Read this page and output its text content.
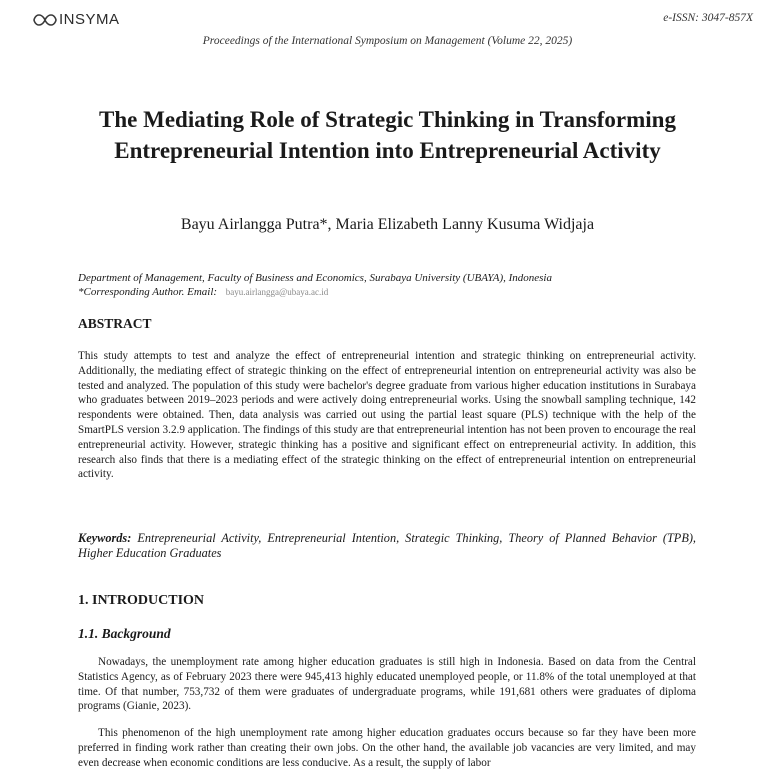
INSYMA	e-ISSN: 3047-857X
Proceedings of the International Symposium on Management (Volume 22, 2025)
The Mediating Role of Strategic Thinking in Transforming Entrepreneurial Intention into Entrepreneurial Activity
Bayu Airlangga Putra*, Maria Elizabeth Lanny Kusuma Widjaja
Department of Management, Faculty of Business and Economics, Surabaya University (UBAYA), Indonesia
*Corresponding Author. Email: bayu.airlangga@ubaya.ac.id
ABSTRACT

This study attempts to test and analyze the effect of entrepreneurial intention and strategic thinking on entrepreneurial activity. Additionally, the mediating effect of strategic thinking on the effect of entrepreneurial intention on entrepreneurial activity was also be tested and analyzed. The population of this study were bachelor's degree graduate from various higher education institutions in Surabaya who graduates between 2019–2023 periods and were actively doing entrepreneurial works. Using the snowball sampling technique, 142 respondents were obtained. Then, data analysis was carried out using the partial least square (PLS) technique with the help of the SmartPLS version 3.2.9 application. The findings of this study are that entrepreneurial intention has not been proven to encourage the real entrepreneurial activity. However, strategic thinking has a positive and significant effect on entrepreneurial activity. In addition, this research also finds that there is a mediating effect of the strategic thinking on the effect of entrepreneurial intention on entrepreneurial activity.

Keywords: Entrepreneurial Activity, Entrepreneurial Intention, Strategic Thinking, Theory of Planned Behavior (TPB), Higher Education Graduates

1. INTRODUCTION
1.1. Background

Nowadays, the unemployment rate among higher education graduates is still high in Indonesia. Based on data from the Central Statistics Agency, as of February 2023 there were 945,413 highly educated unemployed people, or 11.8% of the total unemployed at that time. Of that number, 753,732 of them were graduates of undergraduate programs, while 191,681 others were graduates of diploma programs (Gianie, 2023).

This phenomenon of the high unemployment rate among higher education graduates occurs because so far they have been more preferred in finding work rather than creating their own jobs. On the other hand, the available job vacancies are very limited, and may even decrease when economic conditions are less conducive. As a result, the supply of labor
